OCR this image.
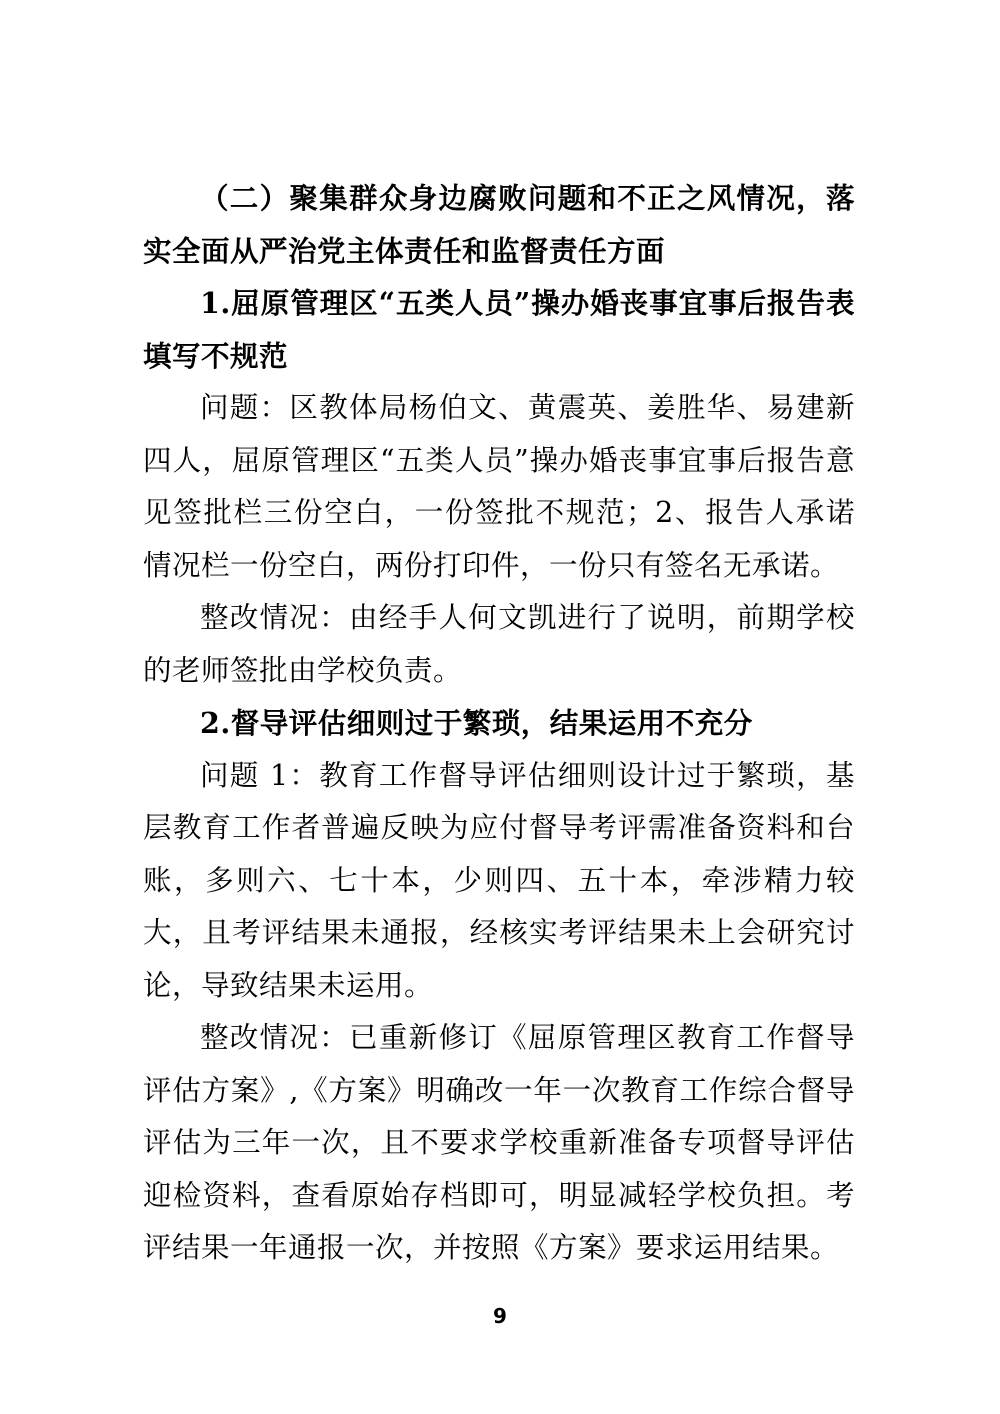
（二）聚集群众身边腐败问题和不正之风情况，落实全面从严治党主体责任和监督责任方面

1.屈原管理区“五类人员”操办婚丧事宜事后报告表填写不规范

问题：区教体局杨伯文、黄震英、姜胜华、易建新四人，屈原管理区“五类人员”操办婚丧事宜事后报告意见签批栏三份空白，一份签批不规范；2、报告人承诺情况栏一份空白，两份打印件，一份只有签名无承诺。

整改情况：由经手人何文凯进行了说明，前期学校的老师签批由学校负责。

2.督导评估细则过于繁琐，结果运用不充分

问题 1：教育工作督导评估细则设计过于繁琐，基层教育工作者普遍反映为应付督导考评需准备资料和台账，多则六、七十本，少则四、五十本，牵涉精力较大，且考评结果未通报，经核实考评结果未上会研究讨论，导致结果未运用。

整改情况：已重新修订《屈原管理区教育工作督导评估方案》,《方案》明确改一年一次教育工作综合督导评估为三年一次，且不要求学校重新准备专项督导评估迎检资料，查看原始存档即可，明显减轻学校负担。考评结果一年通报一次，并按照《方案》要求运用结果。

9
